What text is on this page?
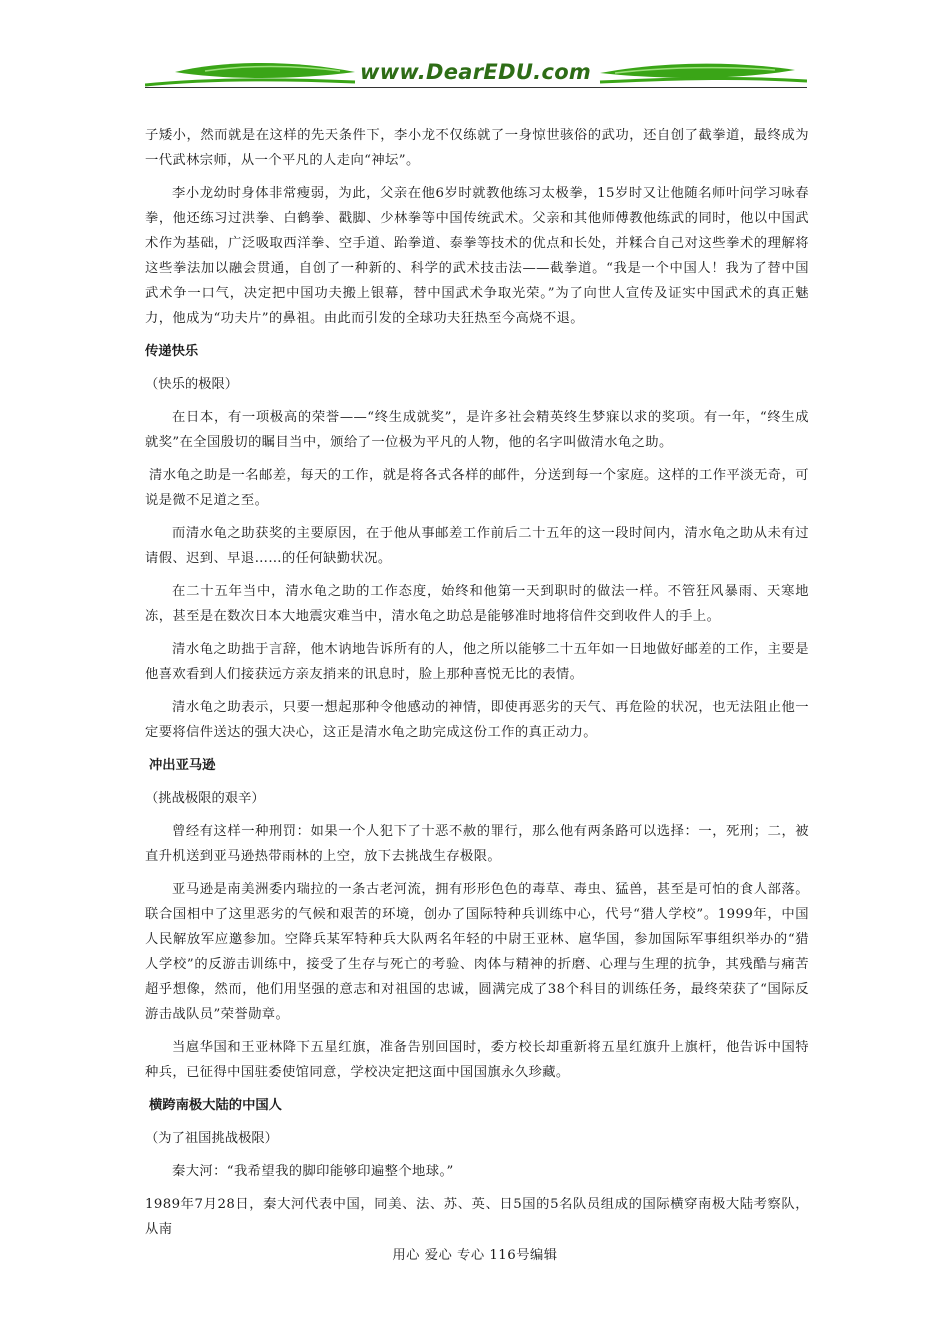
www.DearEDU.com

子矮小，然而就是在这样的先天条件下，李小龙不仅练就了一身惊世骇俗的武功，还自创了截拳道，最终成为一代武林宗师，从一个平凡的人走向“神坛”。

李小龙幼时身体非常瘦弱，为此，父亲在他6岁时就教他练习太极拳，15岁时又让他随名师叶问学习咏春拳，他还练习过洪拳、白鹤拳、戳脚、少林拳等中国传统武术。父亲和其他师傅教他练武的同时，他以中国武术作为基础，广泛吸取西洋拳、空手道、跆拳道、泰拳等技术的优点和长处，并糅合自己对这些拳术的理解将这些拳法加以融会贯通，自创了一种新的、科学的武术技击法——截拳道。“我是一个中国人！我为了替中国武术争一口气，决定把中国功夫搬上银幕，替中国武术争取光荣。”为了向世人宣传及证实中国武术的真正魅力，他成为“功夫片”的鼻祖。由此而引发的全球功夫狂热至今高烧不退。

传递快乐
（快乐的极限）

在日本，有一项极高的荣誉——“终生成就奖”，是许多社会精英终生梦寐以求的奖项。有一年，“终生成就奖”在全国殷切的瞩目当中，颁给了一位极为平凡的人物，他的名字叫做清水龟之助。

清水龟之助是一名邮差，每天的工作，就是将各式各样的邮件，分送到每一个家庭。这样的工作平淡无奇，可说是微不足道之至。

而清水龟之助获奖的主要原因，在于他从事邮差工作前后二十五年的这一段时间内，清水龟之助从未有过请假、迟到、早退……的任何缺勤状况。

在二十五年当中，清水龟之助的工作态度，始终和他第一天到职时的做法一样。不管狂风暴雨、天寒地冻，甚至是在数次日本大地震灾难当中，清水龟之助总是能够准时地将信件交到收件人的手上。

清水龟之助拙于言辞，他木讷地告诉所有的人，他之所以能够二十五年如一日地做好邮差的工作，主要是他喜欢看到人们接获远方亲友捎来的讯息时，脸上那种喜悦无比的表情。

清水龟之助表示，只要一想起那种令他感动的神情，即使再恶劣的天气、再危险的状况，也无法阻止他一定要将信件送达的强大决心，这正是清水龟之助完成这份工作的真正动力。

冲出亚马逊
（挑战极限的艰辛）

曾经有这样一种刑罚：如果一个人犯下了十恶不赦的罪行，那么他有两条路可以选择：一，死刑；二，被直升机送到亚马逊热带雨林的上空，放下去挑战生存极限。

亚马逊是南美洲委内瑞拉的一条古老河流，拥有形形色色的毒草、毒虫、猛兽，甚至是可怕的食人部落。联合国相中了这里恶劣的气候和艰苦的环境，创办了国际特种兵训练中心，代号“猎人学校”。1999年，中国人民解放军应邀参加。空降兵某军特种兵大队两名年轻的中尉王亚林、扈华国，参加国际军事组织举办的“猎人学校”的反游击训练中，接受了生存与死亡的考验、肉体与精神的折磨、心理与生理的抗争，其残酷与痛苦超乎想像，然而，他们用坚强的意志和对祖国的忠诚，圆满完成了38个科目的训练任务，最终荣获了“国际反游击战队员”荣誉勋章。

当扈华国和王亚林降下五星红旗，准备告别回国时，委方校长却重新将五星红旗升上旗杆，他告诉中国特种兵，已征得中国驻委使馆同意，学校决定把这面中国国旗永久珍藏。

横跨南极大陆的中国人
（为了祖国挑战极限）

秦大河：“我希望我的脚印能够印遍整个地球。”

1989年7月28日，秦大河代表中国，同美、法、苏、英、日5国的5名队员组成的国际横穿南极大陆考察队，从南

用心 爱心 专心 116号编辑
